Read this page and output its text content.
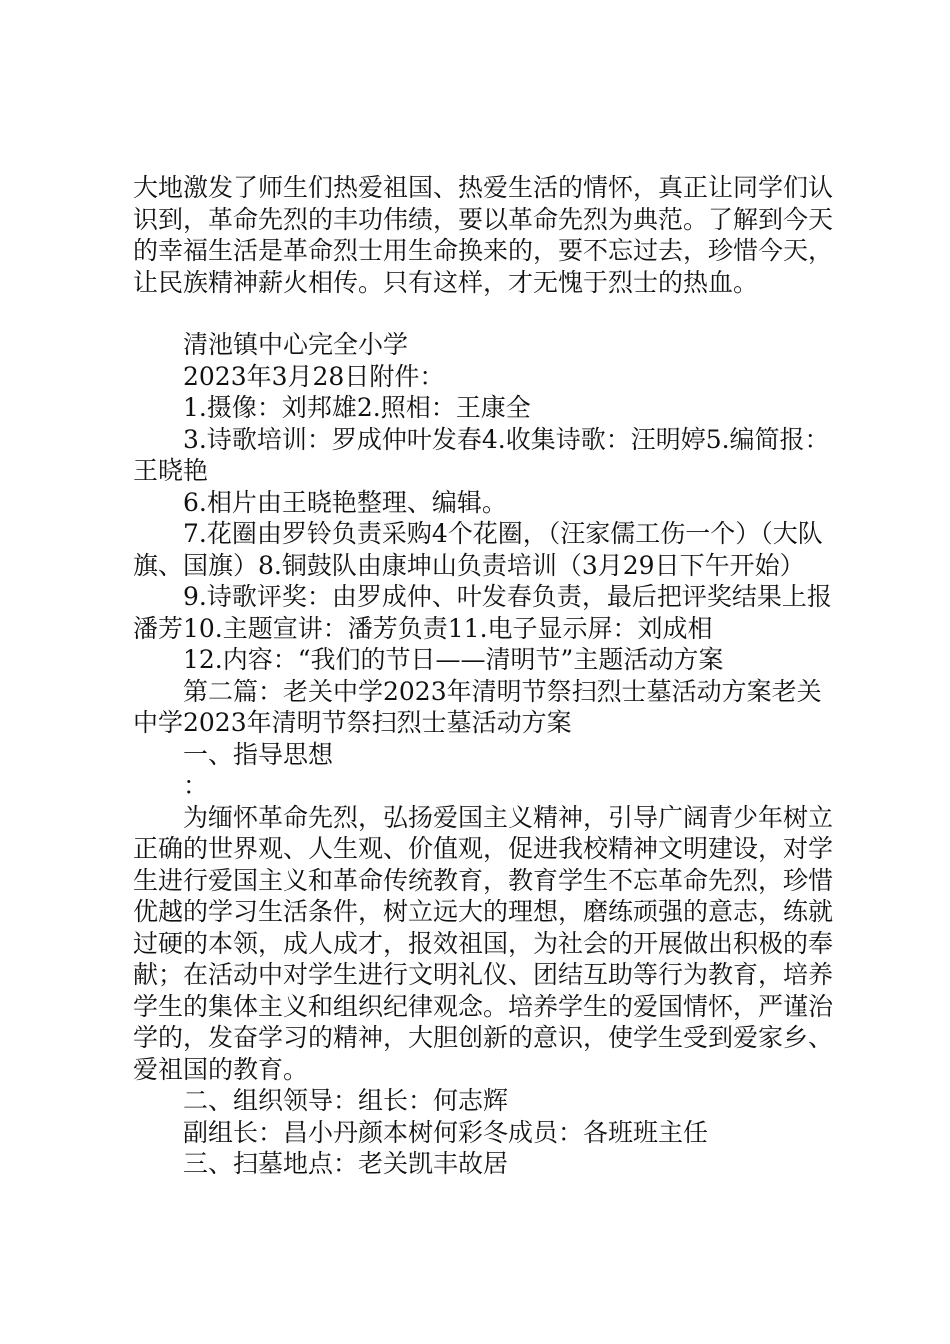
大地激发了师生们热爱祖国、热爱生活的情怀，真正让同学们认识到，革命先烈的丰功伟绩，要以革命先烈为典范。了解到今天的幸福生活是革命烈士用生命换来的，要不忘过去，珍惜今天，让民族精神薪火相传。只有这样，才无愧于烈士的热血。

清池镇中心完全小学

2023年3月28日附件：

1.摄像：刘邦雄2.照相：王康全

3.诗歌培训：罗成仲叶发春4.收集诗歌：汪明婷5.编简报：王晓艳

6.相片由王晓艳整理、编辑。

7.花圈由罗铃负责采购4个花圈，（汪家儒工伤一个）（大队旗、国旗）8.铜鼓队由康坤山负责培训（3月29日下午开始）

9.诗歌评奖：由罗成仲、叶发春负责，最后把评奖结果上报潘芳10.主题宣讲：潘芳负责11.电子显示屏：刘成相

12.内容：“我们的节日——清明节”主题活动方案

第二篇：老关中学2023年清明节祭扫烈士墓活动方案老关中学2023年清明节祭扫烈士墓活动方案

一、指导思想

：

为缅怀革命先烈，弘扬爱国主义精神，引导广阔青少年树立正确的世界观、人生观、价值观，促进我校精神文明建设，对学生进行爱国主义和革命传统教育，教育学生不忘革命先烈，珍惜优越的学习生活条件，树立远大的理想，磨练顽强的意志，练就过硬的本领，成人成才，报效祖国，为社会的开展做出积极的奉献；在活动中对学生进行文明礼仪、团结互助等行为教育，培养学生的集体主义和组织纪律观念。培养学生的爱国情怀，严谨治学的，发奋学习的精神，大胆创新的意识，使学生受到爱家乡、爱祖国的教育。

二、组织领导：组长：何志辉

副组长：昌小丹颜本树何彩冬成员：各班班主任

三、扫墓地点：老关凯丰故居
